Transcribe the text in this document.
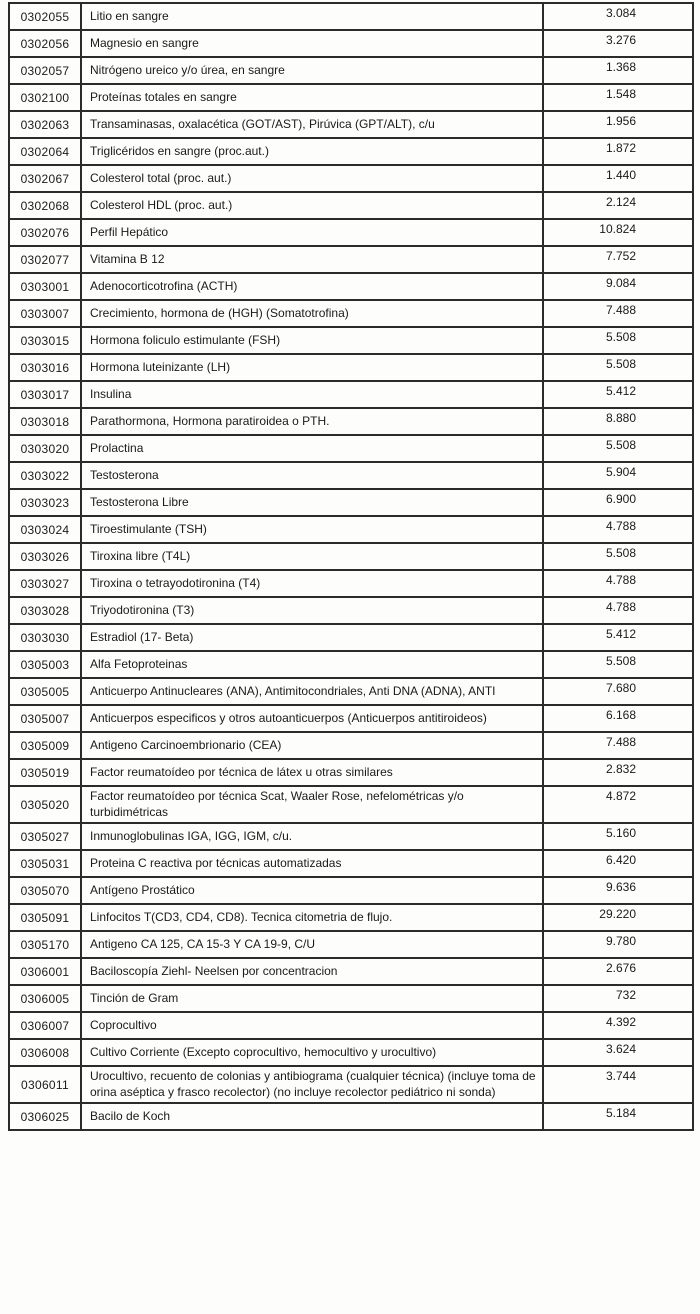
0302055	Litio en sangre	3.084
0302056	Magnesio en sangre	3.276
0302057	Nitrógeno ureico y/o úrea, en sangre	1.368
0302100	Proteínas totales en sangre	1.548
0302063	Transaminasas, oxalacética (GOT/AST), Pirúvica (GPT/ALT), c/u	1.956
0302064	Triglicéridos en sangre (proc.aut.)	1.872
0302067	Colesterol total (proc. aut.)	1.440
0302068	Colesterol HDL (proc. aut.)	2.124
0302076	Perfil Hepático	10.824
0302077	Vitamina B 12	7.752
0303001	Adenocorticotrofina (ACTH)	9.084
0303007	Crecimiento, hormona de (HGH) (Somatotrofina)	7.488
0303015	Hormona foliculo estimulante (FSH)	5.508
0303016	Hormona luteinizante (LH)	5.508
0303017	Insulina	5.412
0303018	Parathormona, Hormona paratiroidea o PTH.	8.880
0303020	Prolactina	5.508
0303022	Testosterona	5.904
0303023	Testosterona Libre	6.900
0303024	Tiroestimulante (TSH)	4.788
0303026	Tiroxina libre (T4L)	5.508
0303027	Tiroxina o tetrayodotironina (T4)	4.788
0303028	Triyodotironina (T3)	4.788
0303030	Estradiol (17- Beta)	5.412
0305003	Alfa Fetoproteinas	5.508
0305005	Anticuerpo Antinucleares (ANA), Antimitocondriales, Anti DNA (ADNA), ANTI	7.680
0305007	Anticuerpos especificos y otros autoanticuerpos (Anticuerpos antitiroideos)	6.168
0305009	Antigeno Carcinoembrionario (CEA)	7.488
0305019	Factor reumatoídeo por técnica de látex u otras similares	2.832
0305020	Factor reumatoídeo por técnica Scat, Waaler Rose, nefelométricas y/o turbidimétricas	4.872
0305027	Inmunoglobulinas IGA, IGG, IGM, c/u.	5.160
0305031	Proteina C reactiva por técnicas automatizadas	6.420
0305070	Antígeno Prostático	9.636
0305091	Linfocitos T(CD3, CD4, CD8). Tecnica citometria de flujo.	29.220
0305170	Antigeno CA 125, CA 15-3 Y CA 19-9, C/U	9.780
0306001	Baciloscopía Ziehl- Neelsen por concentracion	2.676
0306005	Tinción de Gram	732
0306007	Coprocultivo	4.392
0306008	Cultivo Corriente (Excepto coprocultivo, hemocultivo y urocultivo)	3.624
0306011	Urocultivo, recuento de colonias y antibiograma (cualquier técnica) (incluye toma de orina aséptica y frasco recolector) (no incluye recolector pediátrico ni sonda)	3.744
0306025	Bacilo de Koch	5.184
